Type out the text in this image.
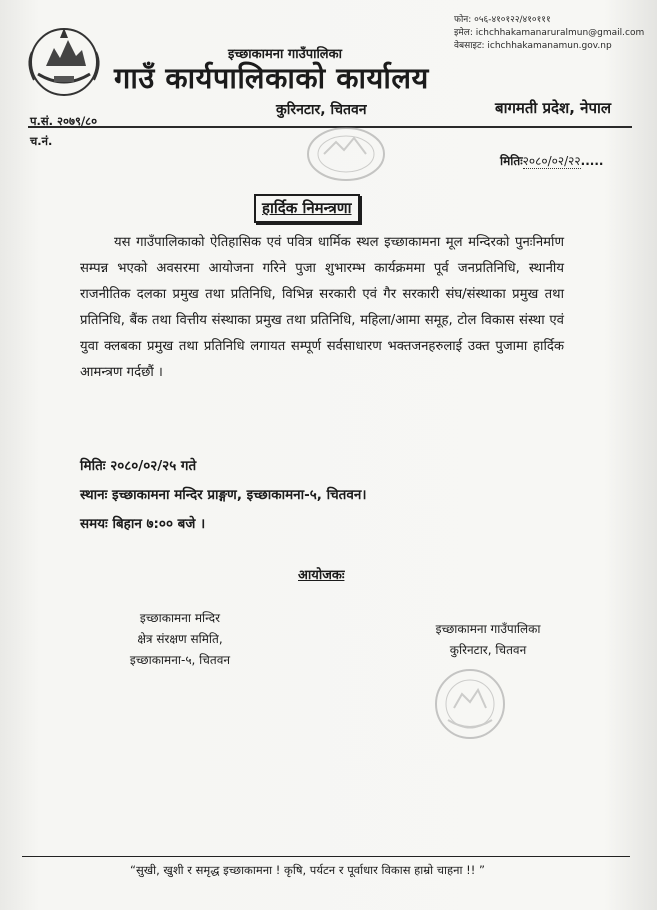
फोन: ०५६-४१०१२२/४१०१११
इमेल: ichchhakamanaruralmun@gmail.com
वेबसाइट: ichchhakamanamun.gov.np
इच्छाकामना गाउँपालिका
गाउँ कार्यपालिकाको कार्यालय
कुरिनटार, चितवन	बागमती प्रदेश, नेपाल
प.सं. २०७९/८०
च.नं.
मितिः२०८०/०२/२२.....
हार्दिक निमन्त्रणा
यस गाउँपालिकाको ऐतिहासिक एवं पवित्र धार्मिक स्थल इच्छाकामना मूल मन्दिरको पुनःनिर्माण सम्पन्न भएको अवसरमा आयोजना गरिने पुजा शुभारम्भ कार्यक्रममा पूर्व जनप्रतिनिधि, स्थानीय राजनीतिक दलका प्रमुख तथा प्रतिनिधि, विभिन्न सरकारी एवं गैर सरकारी संघ/संस्थाका प्रमुख तथा प्रतिनिधि, बैंक तथा वित्तीय संस्थाका प्रमुख तथा प्रतिनिधि, महिला/आमा समूह, टोल विकास संस्था एवं युवा क्लबका प्रमुख तथा प्रतिनिधि लगायत सम्पूर्ण सर्वसाधारण भक्तजनहरुलाई उक्त पुजामा हार्दिक आमन्त्रण गर्दछौं ।
मितिः २०८०/०२/२५ गते
स्थानः इच्छाकामना मन्दिर प्राङ्गण, इच्छाकामना-५, चितवन।
समयः बिहान ७:०० बजे ।
आयोजकः
इच्छाकामना मन्दिर
क्षेत्र संरक्षण समिति,
इच्छाकामना-५, चितवन
इच्छाकामना गाउँपालिका
कुरिनटार, चितवन
“सुखी, खुशी र समृद्ध इच्छाकामना ! कृषि, पर्यटन र पूर्वाधार विकास हाम्रो चाहना !! ”
